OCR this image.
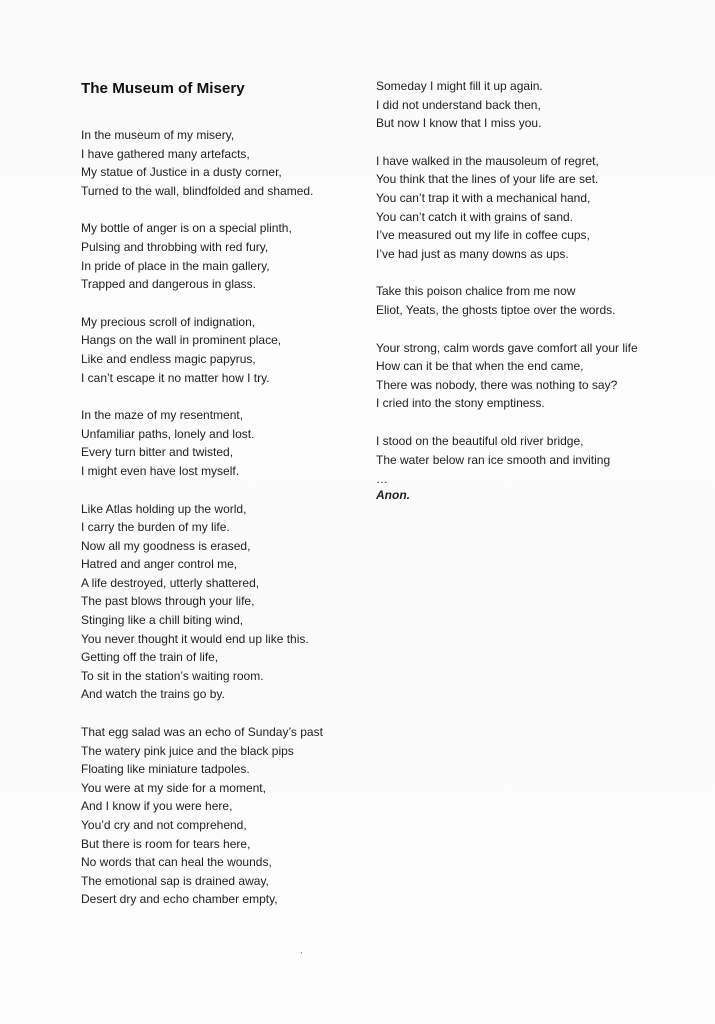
The Museum of Misery
In the museum of my misery,
I have gathered many artefacts,
My statue of Justice in a dusty corner,
Turned to the wall, blindfolded and shamed.
My bottle of anger is on a special plinth,
Pulsing and throbbing with red fury,
In pride of place in the main gallery,
Trapped and dangerous in glass.
My precious scroll of indignation,
Hangs on the wall in prominent place,
Like and endless magic papyrus,
I can’t escape it no matter how I try.
In the maze of my resentment,
Unfamiliar paths, lonely and lost.
Every turn bitter and twisted,
I might even have lost myself.
Like Atlas holding up the world,
I carry the burden of my life.
Now all my goodness is erased,
Hatred and anger control me,
A life destroyed, utterly shattered,
The past blows through your life,
Stinging like a chill biting wind,
You never thought it would end up like this.
Getting off the train of life,
To sit in the station’s waiting room.
And watch the trains go by.
That egg salad was an echo of Sunday’s past
The watery pink juice and the black pips
Floating like miniature tadpoles.
You were at my side for a moment,
And I know if you were here,
You’d cry and not comprehend,
But there is room for tears here,
No words that can heal the wounds,
The emotional sap is drained away,
Desert dry and echo chamber empty,
Someday I might fill it up again.
I did not understand back then,
But now I know that I miss you.
I have walked in the mausoleum of regret,
You think that the lines of your life are set.
You can’t trap it with a mechanical hand,
You can’t catch it with grains of sand.
I’ve measured out my life in coffee cups,
I’ve had just as many downs as ups.
Take this poison chalice from me now
Eliot, Yeats, the ghosts tiptoe over the words.
Your strong, calm words gave comfort all your life
How can it be that when the end came,
There was nobody, there was nothing to say?
I cried into the stony emptiness.
I stood on the beautiful old river bridge,
The water below ran ice smooth and inviting
…
Anon.
ˋ
